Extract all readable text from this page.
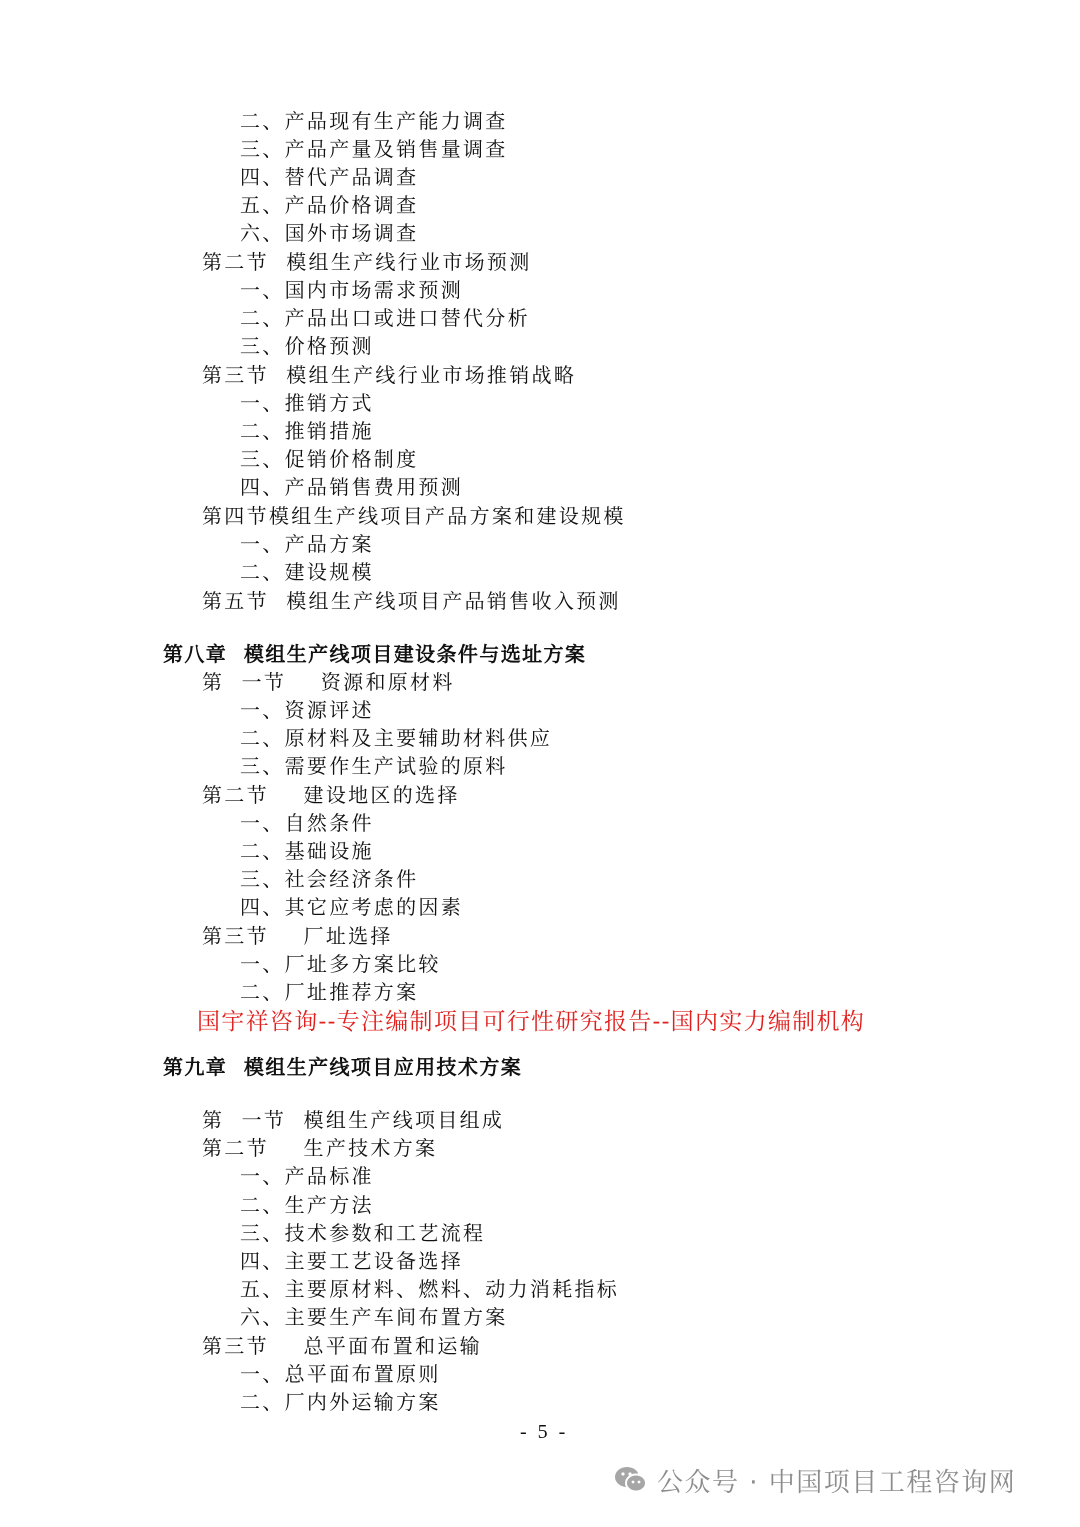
二、产品现有生产能力调查
三、产品产量及销售量调查
四、替代产品调查
五、产品价格调查
六、国外市场调查
第二节  模组生产线行业市场预测
一、国内市场需求预测
二、产品出口或进口替代分析
三、价格预测
第三节  模组生产线行业市场推销战略
一、推销方式
二、推销措施
三、促销价格制度
四、产品销售费用预测
第四节模组生产线项目产品方案和建设规模
一、产品方案
二、建设规模
第五节  模组生产线项目产品销售收入预测
第八章  模组生产线项目建设条件与选址方案
第  一节    资源和原材料
一、资源评述
二、原材料及主要辅助材料供应
三、需要作生产试验的原料
第二节    建设地区的选择
一、自然条件
二、基础设施
三、社会经济条件
四、其它应考虑的因素
第三节    厂址选择
一、厂址多方案比较
二、厂址推荐方案
第九章  模组生产线项目应用技术方案
第  一节  模组生产线项目组成
第二节    生产技术方案
一、产品标准
二、生产方法
三、技术参数和工艺流程
四、主要工艺设备选择
五、主要原材料、燃料、动力消耗指标
六、主要生产车间布置方案
第三节    总平面布置和运输
一、总平面布置原则
二、厂内外运输方案
国宇祥咨询--专注编制项目可行性研究报告--国内实力编制机构
- 5 -
公众号 · 中国项目工程咨询网
